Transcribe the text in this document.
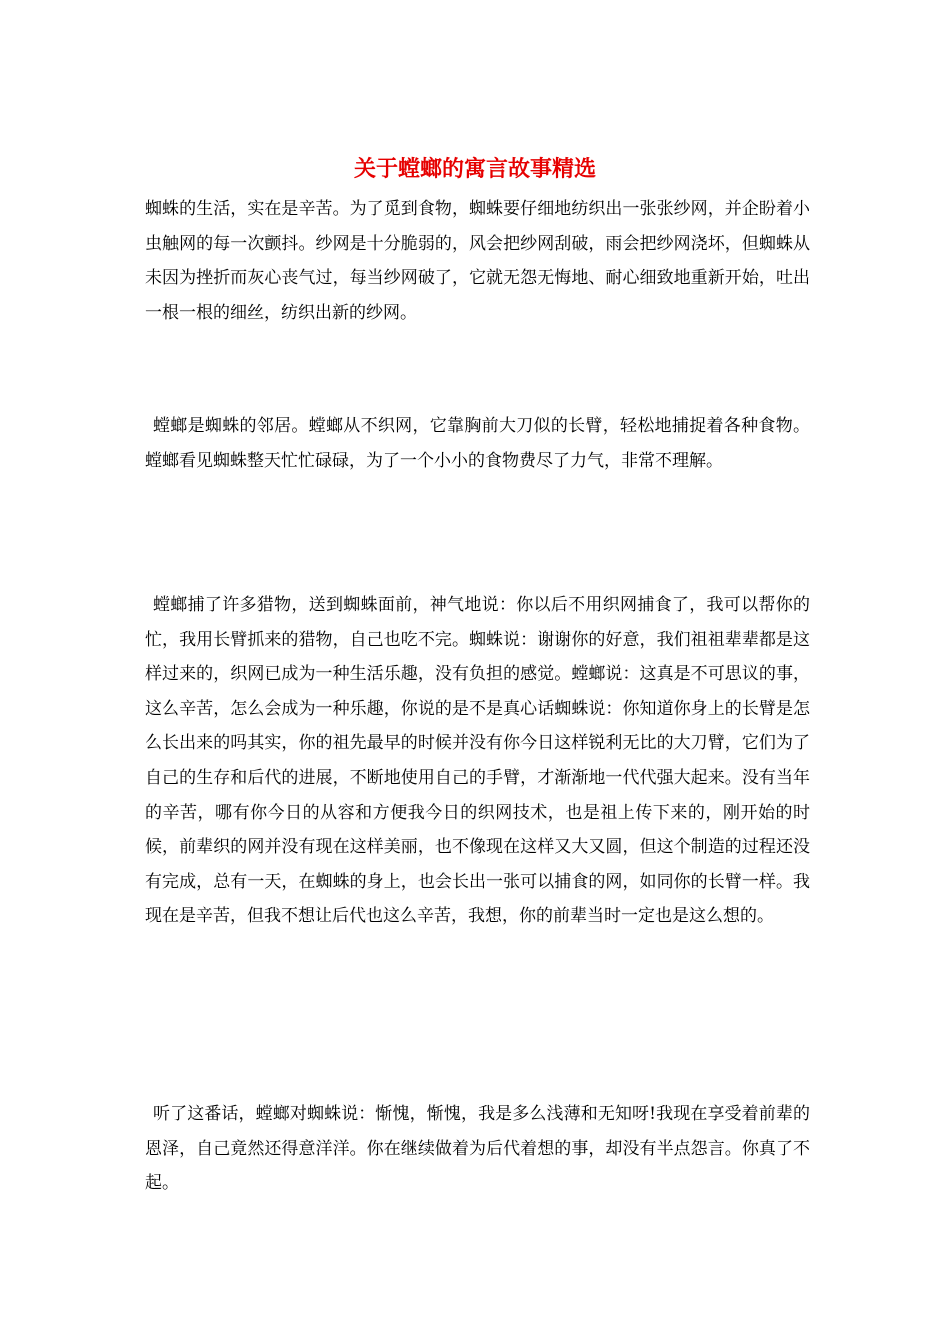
关于螳螂的寓言故事精选

蜘蛛的生活，实在是辛苦。为了觅到食物，蜘蛛要仔细地纺织出一张张纱网，并企盼着小虫触网的每一次颤抖。纱网是十分脆弱的，风会把纱网刮破，雨会把纱网浇坏，但蜘蛛从未因为挫折而灰心丧气过，每当纱网破了，它就无怨无悔地、耐心细致地重新开始，吐出一根一根的细丝，纺织出新的纱网。

螳螂是蜘蛛的邻居。螳螂从不织网，它靠胸前大刀似的长臂，轻松地捕捉着各种食物。螳螂看见蜘蛛整天忙忙碌碌，为了一个小小的食物费尽了力气，非常不理解。

螳螂捕了许多猎物，送到蜘蛛面前，神气地说：你以后不用织网捕食了，我可以帮你的忙，我用长臂抓来的猎物，自己也吃不完。蜘蛛说：谢谢你的好意，我们祖祖辈辈都是这样过来的，织网已成为一种生活乐趣，没有负担的感觉。螳螂说：这真是不可思议的事，这么辛苦，怎么会成为一种乐趣，你说的是不是真心话蜘蛛说：你知道你身上的长臂是怎么长出来的吗其实，你的祖先最早的时候并没有你今日这样锐利无比的大刀臂，它们为了自己的生存和后代的进展，不断地使用自己的手臂，才渐渐地一代代强大起来。没有当年的辛苦，哪有你今日的从容和方便我今日的织网技术，也是祖上传下来的，刚开始的时候，前辈织的网并没有现在这样美丽，也不像现在这样又大又圆，但这个制造的过程还没有完成，总有一天，在蜘蛛的身上，也会长出一张可以捕食的网，如同你的长臂一样。我现在是辛苦，但我不想让后代也这么辛苦，我想，你的前辈当时一定也是这么想的。

听了这番话，螳螂对蜘蛛说：惭愧，惭愧，我是多么浅薄和无知呀!我现在享受着前辈的恩泽，自己竟然还得意洋洋。你在继续做着为后代着想的事，却没有半点怨言。你真了不起。
